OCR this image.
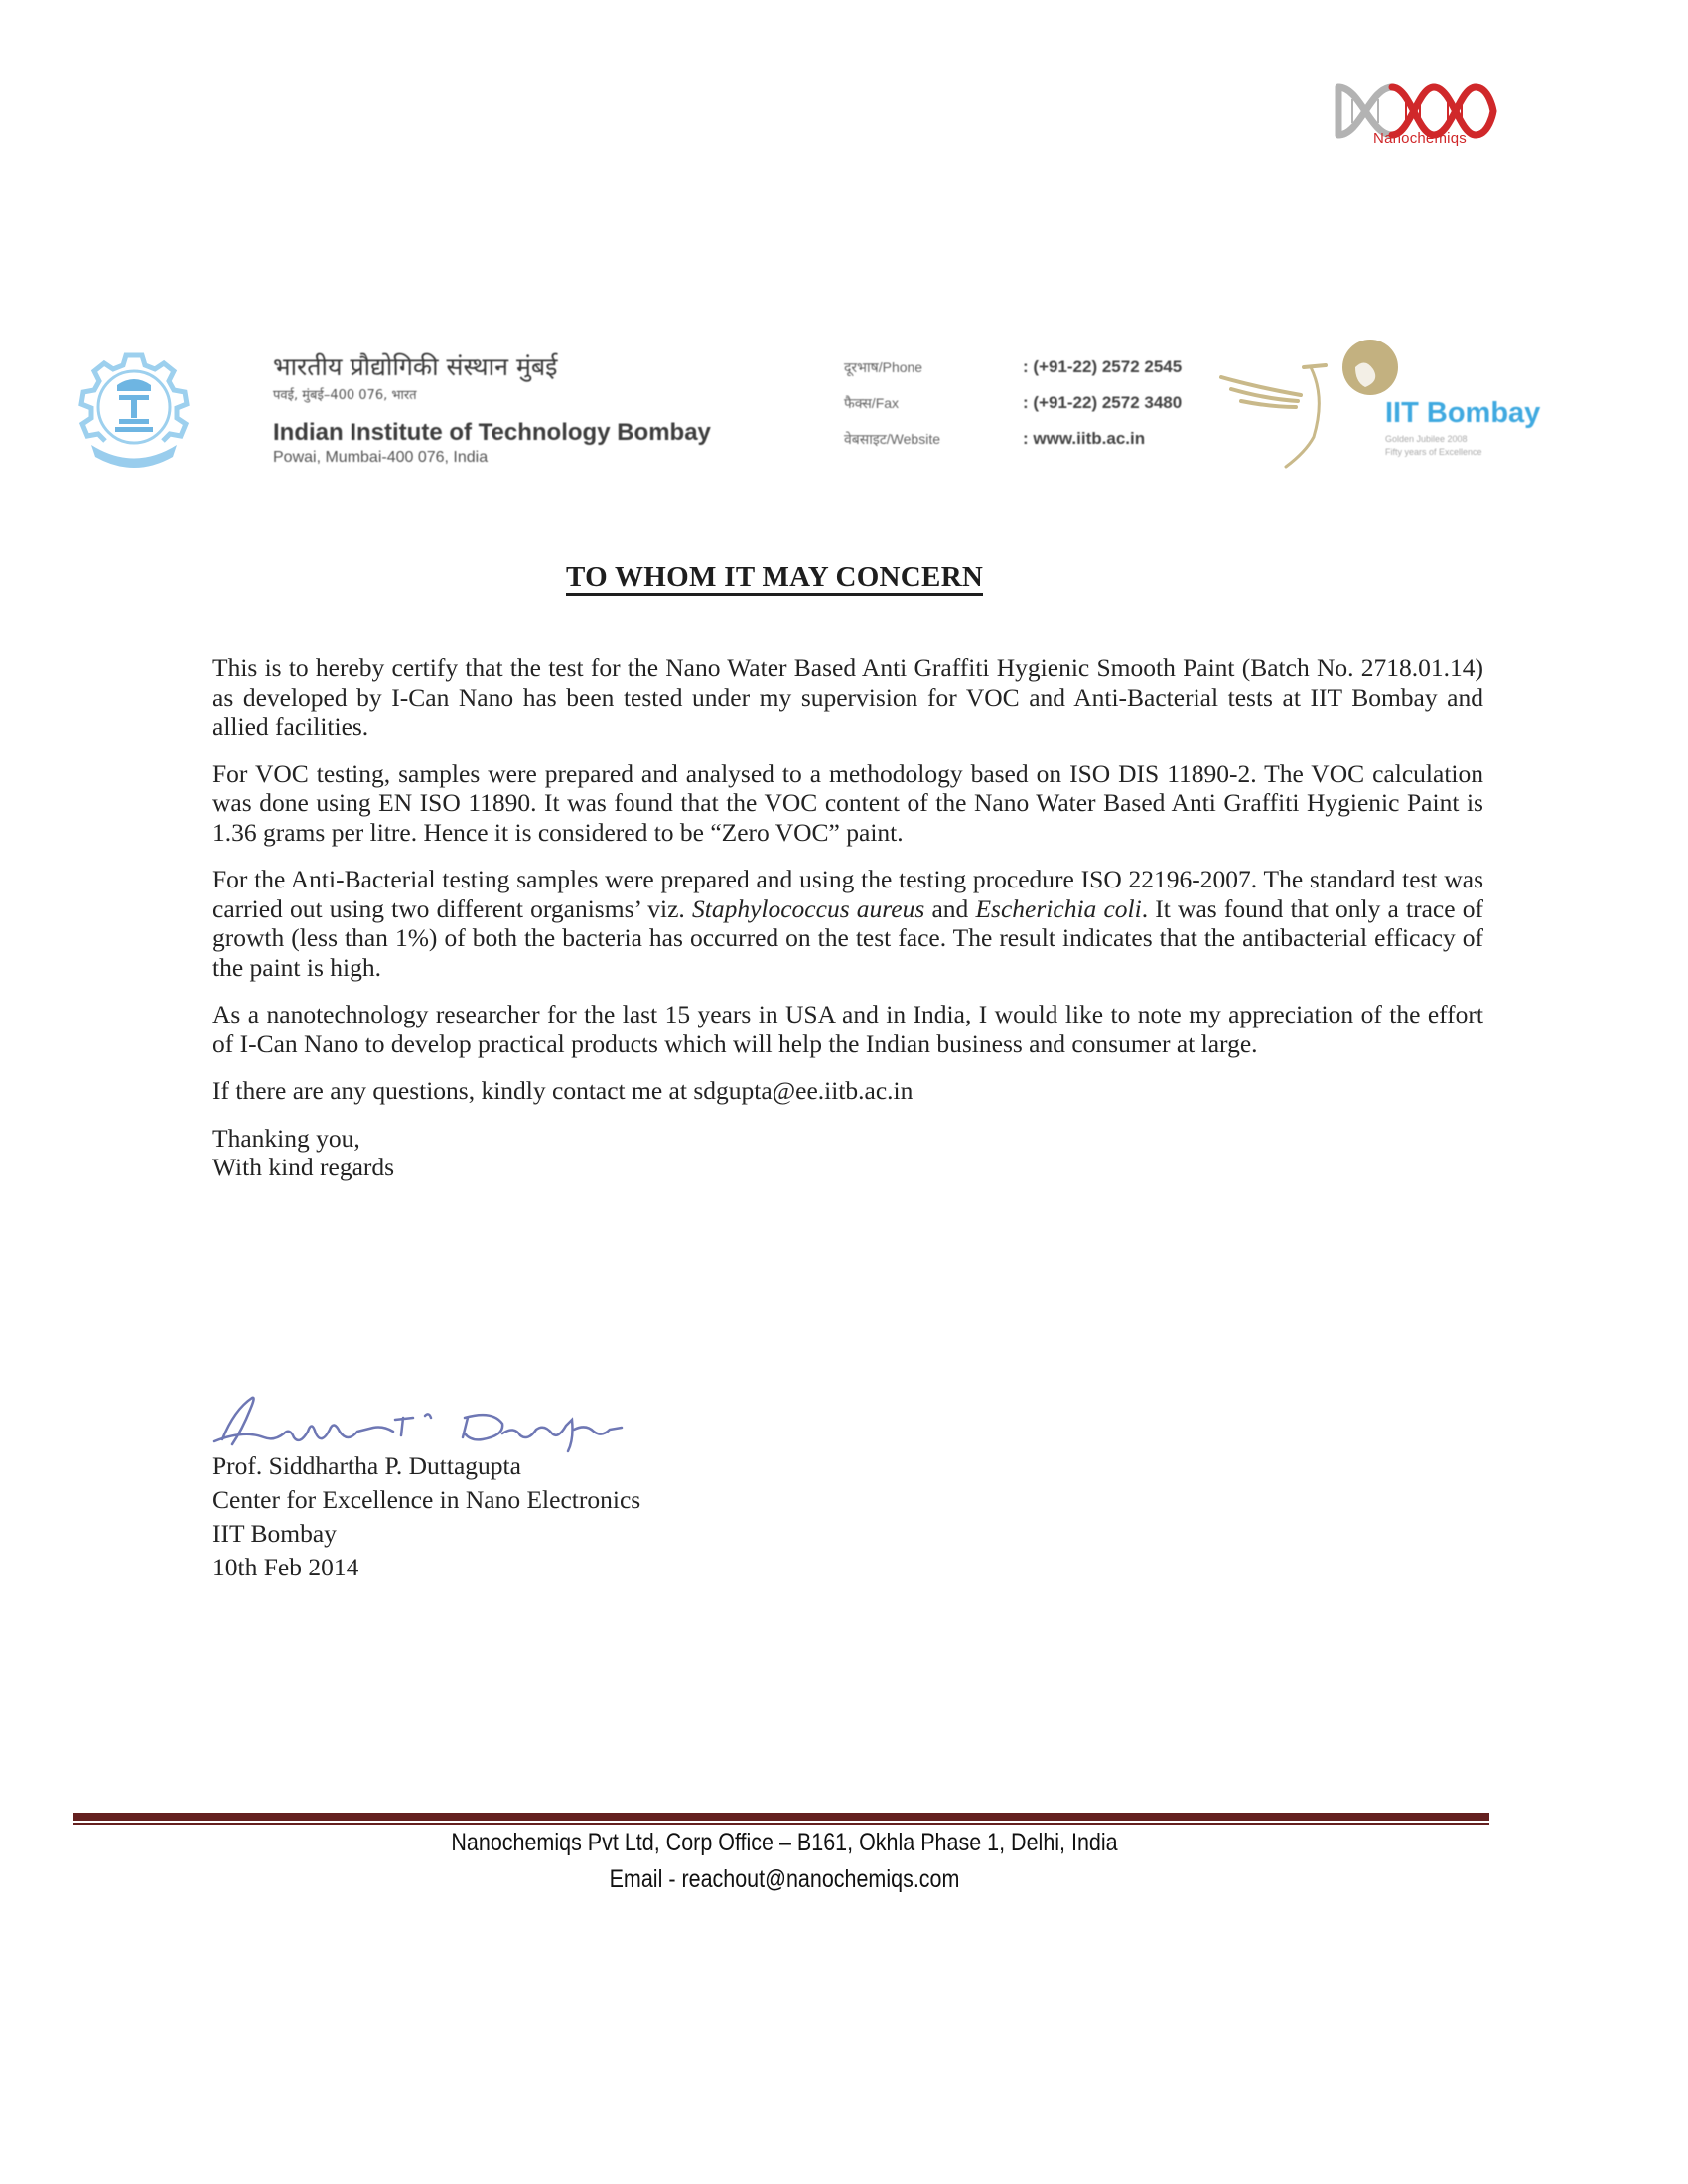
Nanochemiqs
भारतीय प्रौद्योगिकी संस्थान मुंबई
पवई, मुंबई–400 076, भारत
Indian Institute of Technology Bombay
Powai, Mumbai-400 076, India
दूरभाष/Phone	: (+91-22) 2572 2545
फैक्स/Fax	: (+91-22) 2572 3480
वेबसाइट/Website	: www.iitb.ac.in
IIT Bombay
Golden Jubilee 2008
Fifty years of Excellence
TO WHOM IT MAY CONCERN

This is to hereby certify that the test for the Nano Water Based Anti Graffiti Hygienic Smooth Paint (Batch No. 2718.01.14) as developed by I-Can Nano has been tested under my supervision for VOC and Anti-Bacterial tests at IIT Bombay and allied facilities.

For VOC testing, samples were prepared and analysed to a methodology based on ISO DIS 11890-2. The VOC calculation was done using EN ISO 11890. It was found that the VOC content of the Nano Water Based Anti Graffiti Hygienic Paint is 1.36 grams per litre. Hence it is considered to be “Zero VOC” paint.

For the Anti-Bacterial testing samples were prepared and using the testing procedure ISO 22196-2007. The standard test was carried out using two different organisms’ viz. Staphylococcus aureus and Escherichia coli. It was found that only a trace of growth (less than 1%) of both the bacteria has occurred on the test face. The result indicates that the antibacterial efficacy of the paint is high.

As a nanotechnology researcher for the last 15 years in USA and in India, I would like to note my appreciation of the effort of I-Can Nano to develop practical products which will help the Indian business and consumer at large.

If there are any questions, kindly contact me at sdgupta@ee.iitb.ac.in

Thanking you,
With kind regards
Prof. Siddhartha P. Duttagupta
Center for Excellence in Nano Electronics
IIT Bombay
10th Feb 2014
Nanochemiqs Pvt Ltd, Corp Office – B161, Okhla Phase 1, Delhi, India
Email - reachout@nanochemiqs.com
